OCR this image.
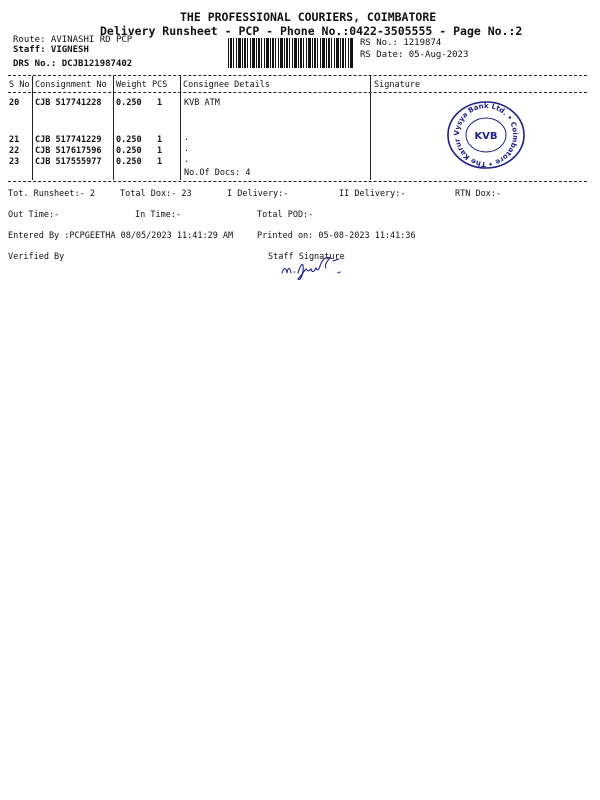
THE PROFESSIONAL COURIERS, COIMBATORE
Delivery Runsheet - PCP - Phone No.:0422-3505555 - Page No.:2
Route: AVINASHI RD PCP
Staff: VIGNESH
DRS No.: DCJB121987402
RS No.: 1219874
RS Date: 05-Aug-2023
S No Consignment No Weight PCS Consignee Details	Signature
20 CJB 517741228 0.250 1	KVB ATM
21 CJB 517741229 0.250 1	.
22 CJB 517617596 0.250 1	.
23 CJB 517555977 0.250 1	.
No.Of Docs: 4
The Karur Vysya Bank Ltd. • Coimbatore •
KVB
Tot. Runsheet:- 2	Total Dox:- 23	I Delivery:-	II Delivery:-	RTN Dox:-
Out Time:-	In Time:-	Total POD:-
Entered By :PCPGEETHA 08/05/2023 11:41:29 AM	Printed on: 05-08-2023 11:41:36
Verified By	Staff Signature
